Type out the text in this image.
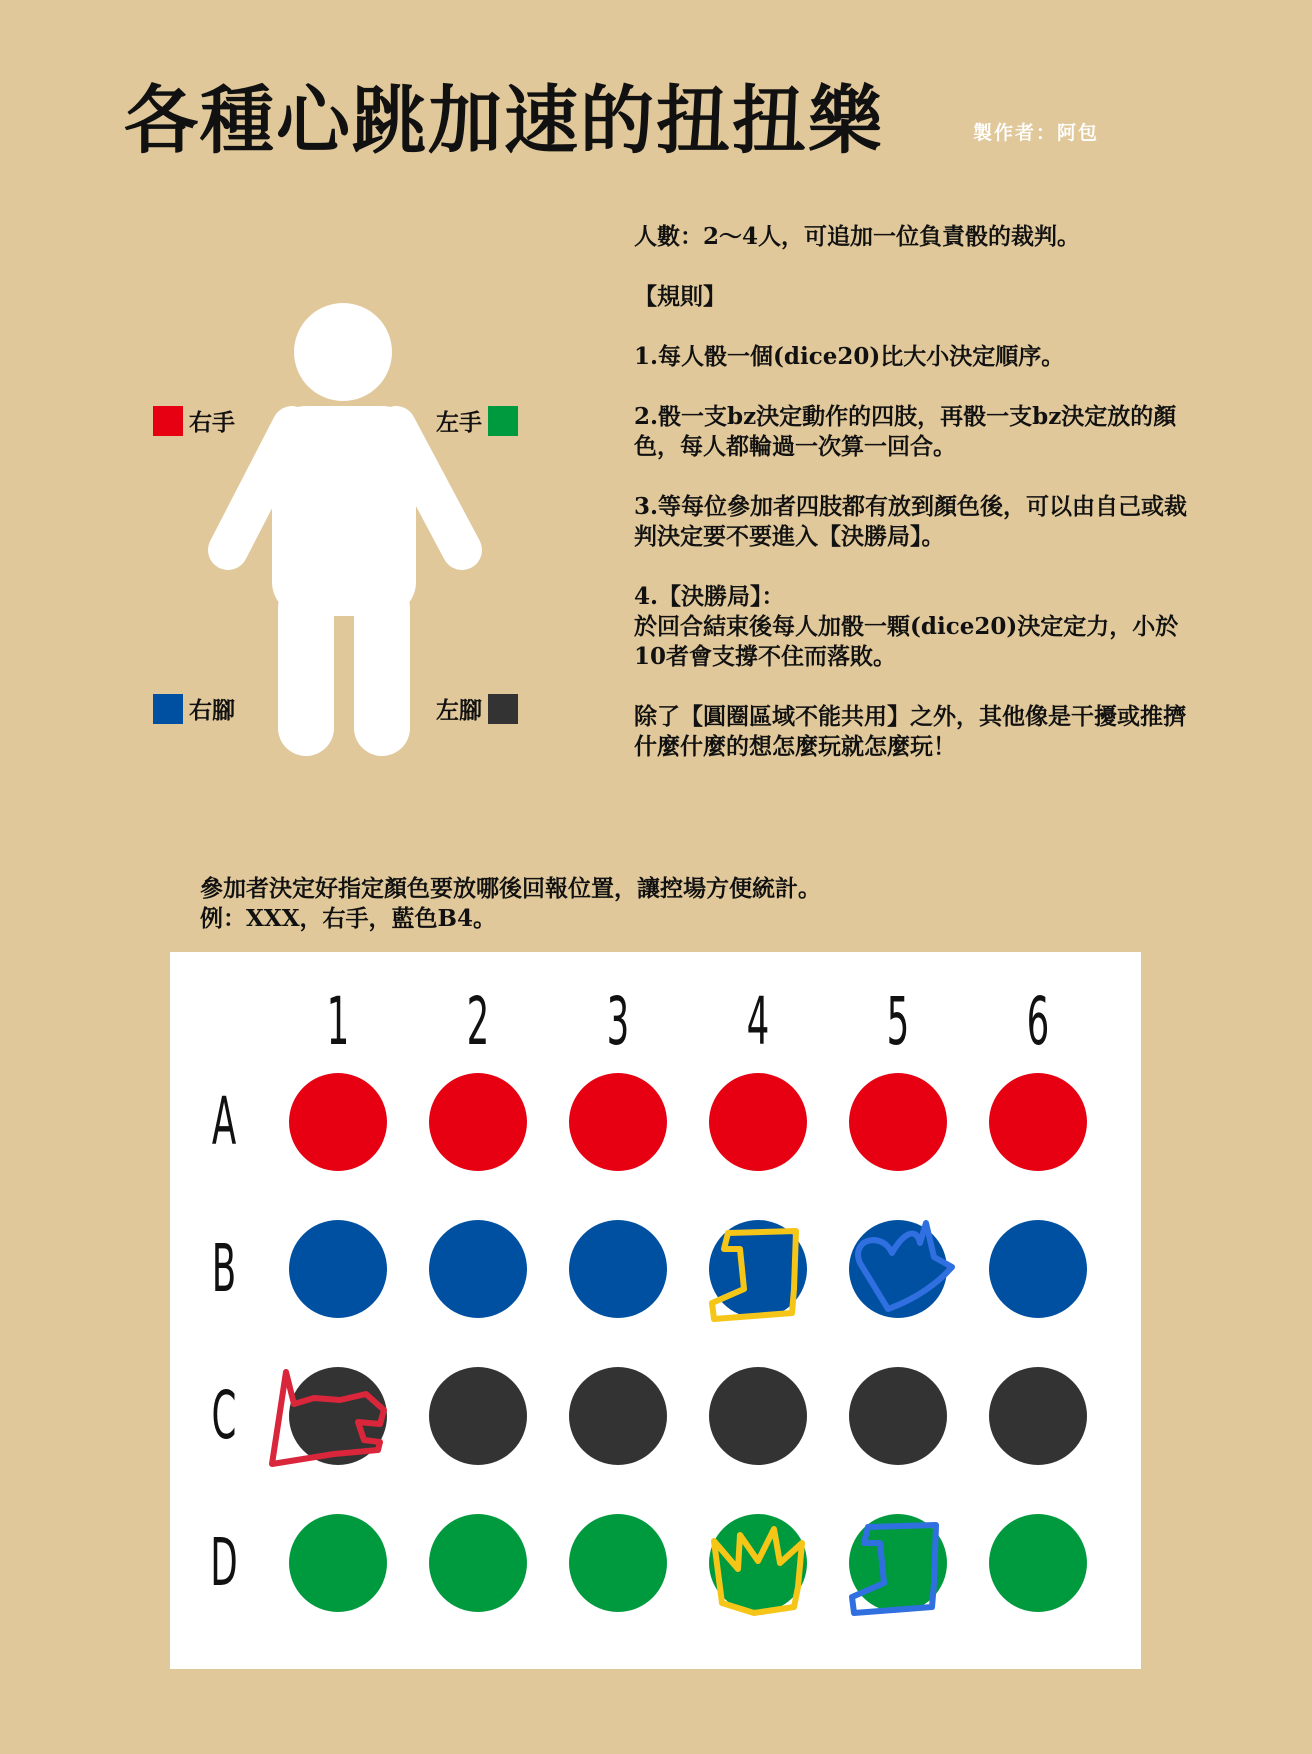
各種心跳加速的扭扭樂	製作者：阿包
右手	左手
右腳	左腳

人數：2～4人，可追加一位負責骰的裁判。

【規則】

1.每人骰一個(dice20)比大小決定順序。

2.骰一支bz決定動作的四肢，再骰一支bz決定放的顏色，每人都輪過一次算一回合。

3.等每位參加者四肢都有放到顏色後，可以由自己或裁判決定要不要進入【決勝局】。

4.【決勝局】：

於回合結束後每人加骰一顆(dice20)決定定力，小於10者會支撐不住而落敗。

除了【圓圈區域不能共用】之外，其他像是干擾或推擠什麼什麼的想怎麼玩就怎麼玩！

參加者決定好指定顏色要放哪後回報位置，讓控場方便統計。
例：XXX，右手，藍色B4。
1 2 3 4 5 6
A
B
C
D
